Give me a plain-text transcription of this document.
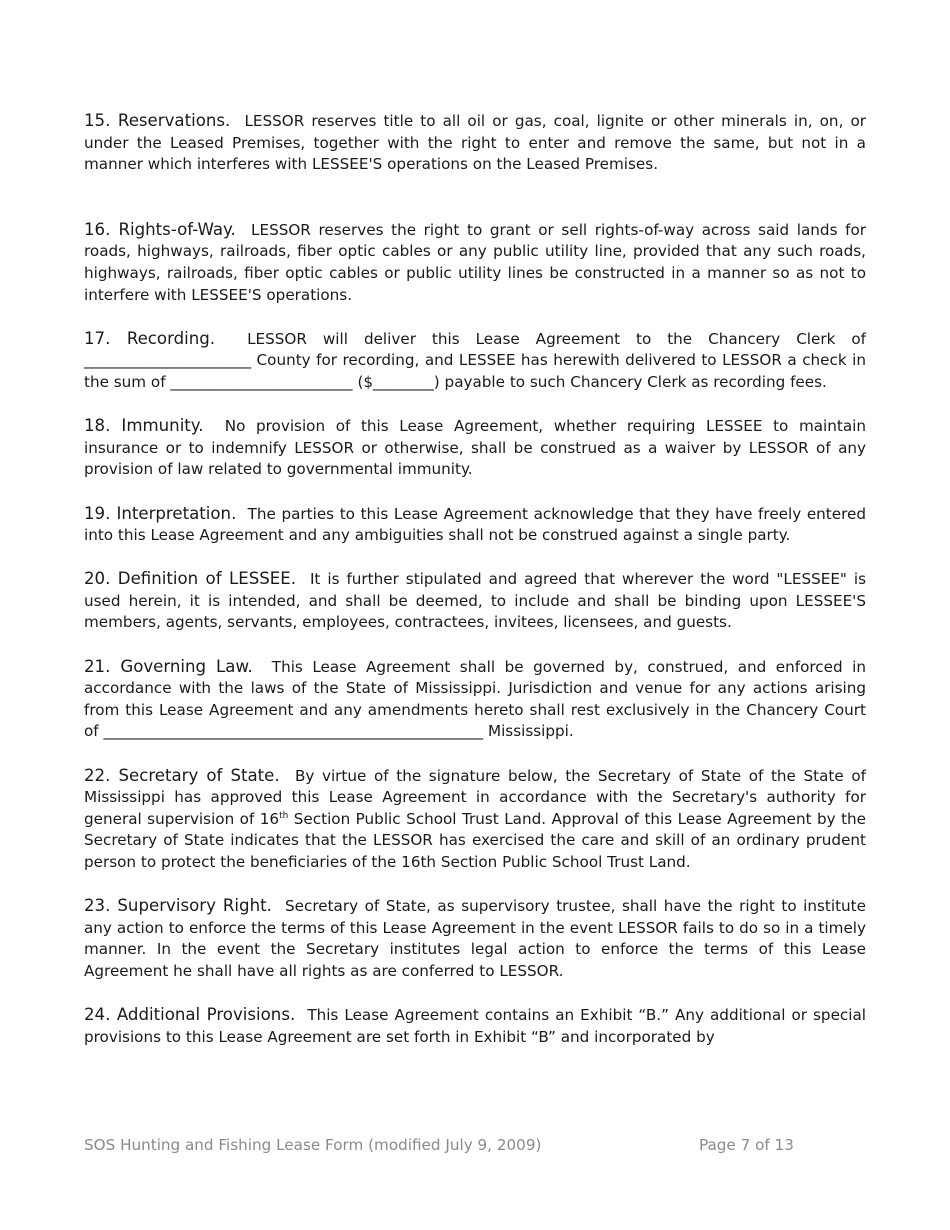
15. Reservations. LESSOR reserves title to all oil or gas, coal, lignite or other minerals in, on, or under the Leased Premises, together with the right to enter and remove the same, but not in a manner which interferes with LESSEE'S operations on the Leased Premises.

16. Rights-of-Way. LESSOR reserves the right to grant or sell rights-of-way across said lands for roads, highways, railroads, fiber optic cables or any public utility line, provided that any such roads, highways, railroads, fiber optic cables or public utility lines be constructed in a manner so as not to interfere with LESSEE'S operations.

17. Recording. LESSOR will deliver this Lease Agreement to the Chancery Clerk of ______________________ County for recording, and LESSEE has herewith delivered to LESSOR a check in the sum of ________________________ ($________) payable to such Chancery Clerk as recording fees.

18. Immunity. No provision of this Lease Agreement, whether requiring LESSEE to maintain insurance or to indemnify LESSOR or otherwise, shall be construed as a waiver by LESSOR of any provision of law related to governmental immunity.

19. Interpretation. The parties to this Lease Agreement acknowledge that they have freely entered into this Lease Agreement and any ambiguities shall not be construed against a single party.

20. Definition of LESSEE. It is further stipulated and agreed that wherever the word "LESSEE" is used herein, it is intended, and shall be deemed, to include and shall be binding upon LESSEE'S members, agents, servants, employees, contractees, invitees, licensees, and guests.

21. Governing Law. This Lease Agreement shall be governed by, construed, and enforced in accordance with the laws of the State of Mississippi. Jurisdiction and venue for any actions arising from this Lease Agreement and any amendments hereto shall rest exclusively in the Chancery Court of __________________________________________________ Mississippi.

22. Secretary of State. By virtue of the signature below, the Secretary of State of the State of Mississippi has approved this Lease Agreement in accordance with the Secretary's authority for general supervision of 16th Section Public School Trust Land. Approval of this Lease Agreement by the Secretary of State indicates that the LESSOR has exercised the care and skill of an ordinary prudent person to protect the beneficiaries of the 16th Section Public School Trust Land.

23. Supervisory Right. Secretary of State, as supervisory trustee, shall have the right to institute any action to enforce the terms of this Lease Agreement in the event LESSOR fails to do so in a timely manner. In the event the Secretary institutes legal action to enforce the terms of this Lease Agreement he shall have all rights as are conferred to LESSOR.

24. Additional Provisions. This Lease Agreement contains an Exhibit “B.” Any additional or special provisions to this Lease Agreement are set forth in Exhibit “B” and incorporated by

SOS Hunting and Fishing Lease Form (modified July 9, 2009)	Page 7 of 13
